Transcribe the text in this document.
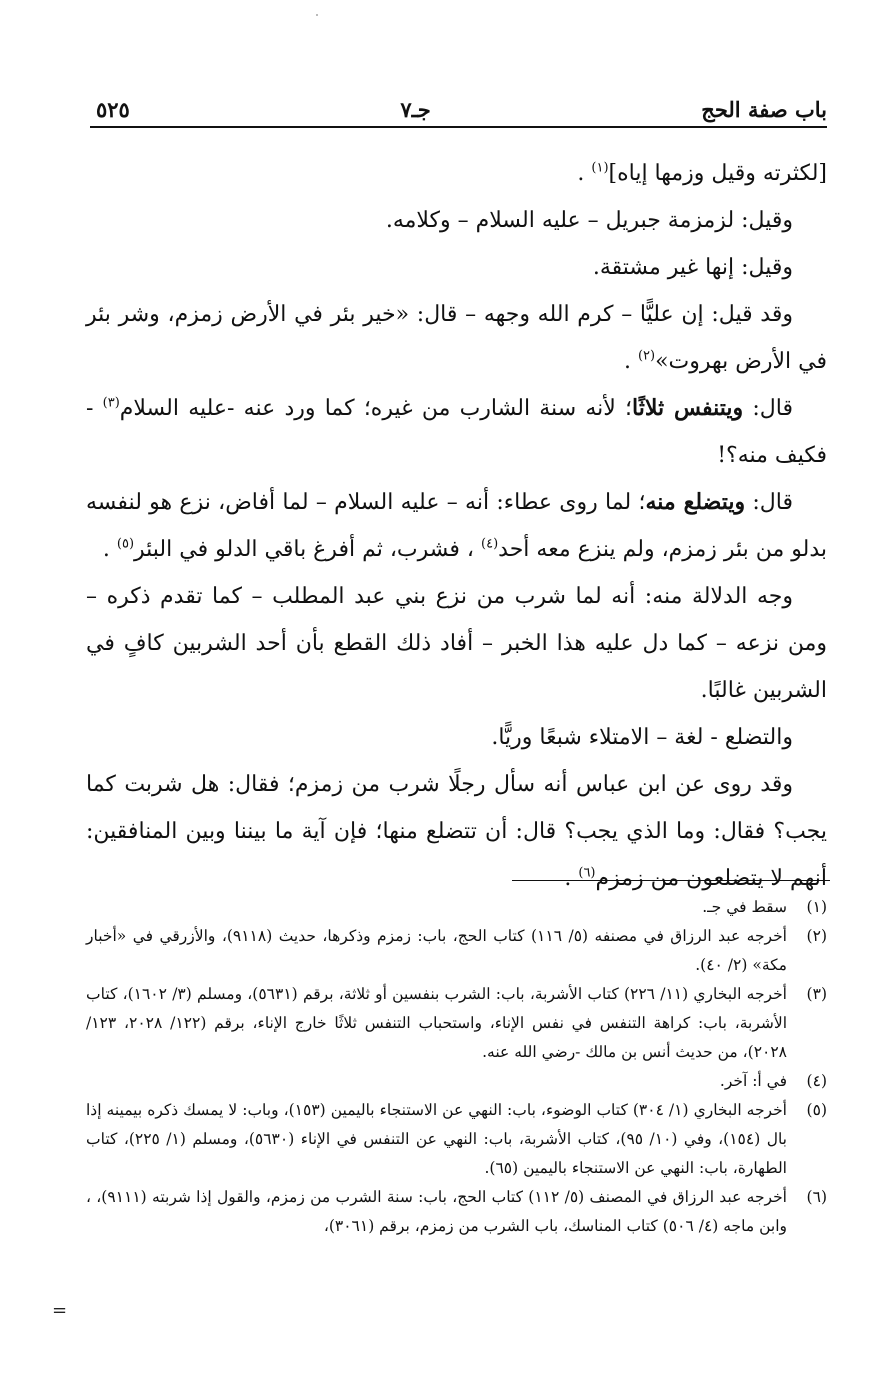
باب صفة الحج
جـ٧
٥٢٥

[لكثرته وقيل وزمها إياه]$^{(١)}$ .

وقيل: لزمزمة جبريل – عليه السلام – وكلامه.

وقيل: إنها غير مشتقة.

وقد قيل: إن عليًّا – كرم الله وجهه – قال: «خير بئر في الأرض زمزم، وشر بئر في الأرض بهروت»$^{(٢)}$ .

قال: ويتنفس ثلاثًا؛ لأنه سنة الشارب من غيره؛ كما ورد عنه -عليه السلام$^{(٣)}$ - فكيف منه؟!

قال: ويتضلع منه؛ لما روى عطاء: أنه – عليه السلام – لما أفاض، نزع هو لنفسه بدلو من بئر زمزم، ولم ينزع معه أحد$^{(٤)}$ ، فشرب، ثم أفرغ باقي الدلو في البئر$^{(٥)}$ .

وجه الدلالة منه: أنه لما شرب من نزع بني عبد المطلب – كما تقدم ذكره – ومن نزعه – كما دل عليه هذا الخبر – أفاد ذلك القطع بأن أحد الشربين كافٍ في الشربين غالبًا.

والتضلع - لغة – الامتلاء شبعًا وريًّا.

وقد روى عن ابن عباس أنه سأل رجلًا شرب من زمزم؛ فقال: هل شربت كما يجب؟ فقال: وما الذي يجب؟ قال: أن تتضلع منها؛ فإن آية ما بيننا وبين المنافقين: أنهم لا يتضلعون من زمزم$^{(٦)}$ .

(١)
سقط في جـ.
(٢)
أخرجه عبد الرزاق في مصنفه (٥/ ١١٦) كتاب الحج، باب: زمزم وذكرها، حديث (٩١١٨)، والأزرقي في «أخبار مكة» (٢/ ٤٠).
(٣)
أخرجه البخاري (١١/ ٢٢٦) كتاب الأشربة، باب: الشرب بنفسين أو ثلاثة، برقم (٥٦٣١)، ومسلم (٣/ ١٦٠٢)، كتاب الأشربة، باب: كراهة التنفس في نفس الإناء، واستحباب التنفس ثلاثًا خارج الإناء، برقم (١٢٢/ ٢٠٢٨، ١٢٣/ ٢٠٢٨)، من حديث أنس بن مالك -رضي الله عنه.
(٤)
في أ: آخر.
(٥)
أخرجه البخاري (١/ ٣٠٤) كتاب الوضوء، باب: النهي عن الاستنجاء باليمين (١٥٣)، وباب: لا يمسك ذكره بيمينه إذا بال (١٥٤)، وفي (١٠/ ٩٥)، كتاب الأشربة، باب: النهي عن التنفس في الإناء (٥٦٣٠)، ومسلم (١/ ٢٢٥)، كتاب الطهارة، باب: النهي عن الاستنجاء باليمين (٦٥).
(٦)
أخرجه عبد الرزاق في المصنف (٥/ ١١٢) كتاب الحج، باب: سنة الشرب من زمزم، والقول إذا شربته (٩١١١)، ، وابن ماجه (٤/ ٥٠٦) كتاب المناسك، باب الشرب من زمزم، برقم (٣٠٦١)،
=
